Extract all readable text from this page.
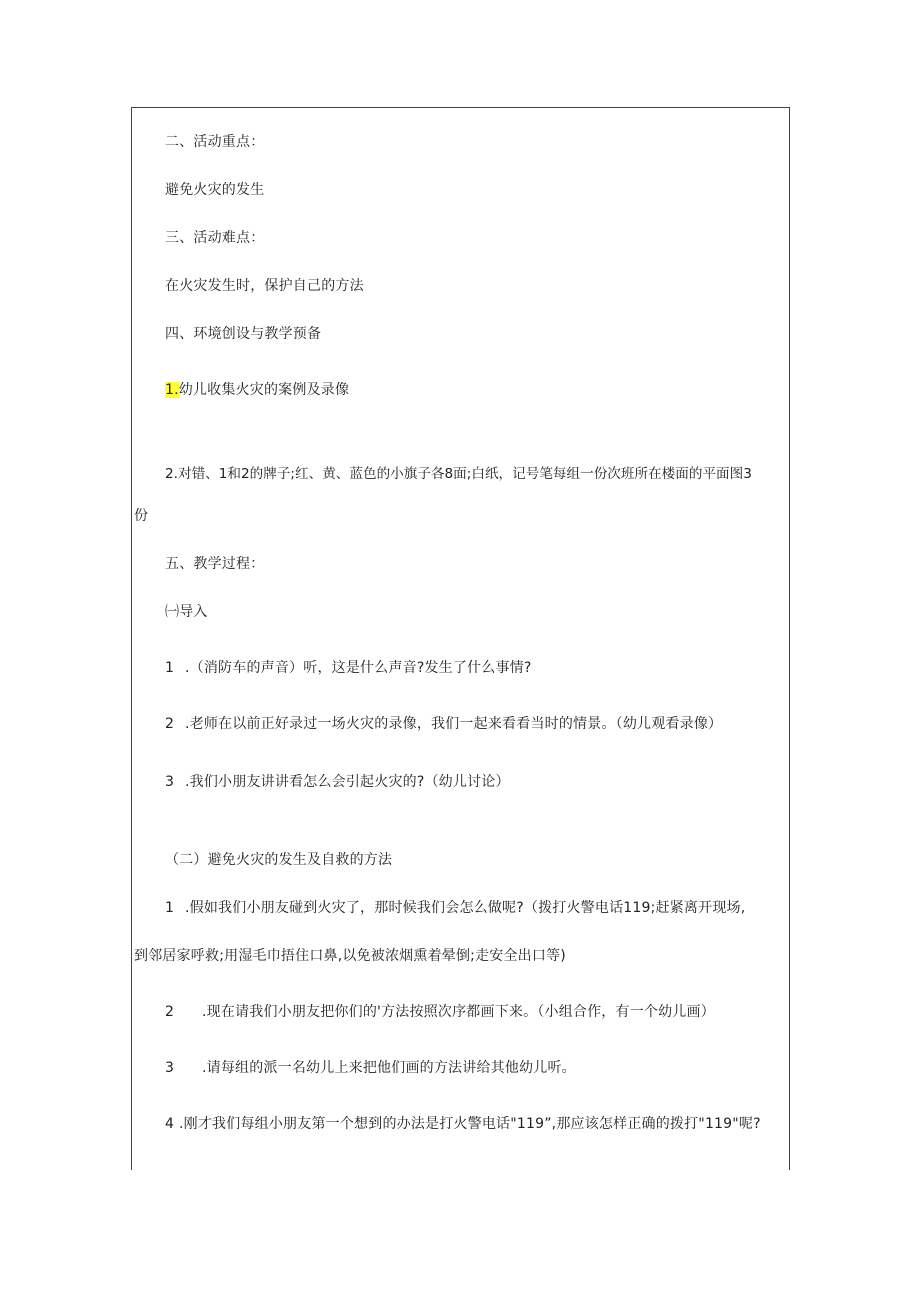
二、活动重点：
避免火灾的发生
三、活动难点：
在火灾发生时，保护自己的方法
四、环境创设与教学预备
1.幼儿收集火灾的案例及录像
2.对错、1和2的牌子;红、黄、蓝色的小旗子各8面;白纸，记号笔每组一份次班所在楼面的平面图3
份
五、教学过程：
㈠导入
1 .（消防车的声音）听，这是什么声音?发生了什么事情?
2 .老师在以前正好录过一场火灾的录像，我们一起来看看当时的情景。（幼儿观看录像）
3 .我们小朋友讲讲看怎么会引起火灾的?（幼儿讨论）
（二）避免火灾的发生及自救的方法
1 .假如我们小朋友碰到火灾了，那时候我们会怎么做呢?（拨打火警电话119;赶紧离开现场,
到邻居家呼救;用湿毛巾捂住口鼻,以免被浓烟熏着晕倒;走安全出口等)
2 .现在请我们小朋友把你们的'方法按照次序都画下来。（小组合作，有一个幼儿画）
3 .请每组的派一名幼儿上来把他们画的方法讲给其他幼儿听。
4 .刚才我们每组小朋友第一个想到的办法是打火警电话"119”,那应该怎样正确的拨打"119"呢?
